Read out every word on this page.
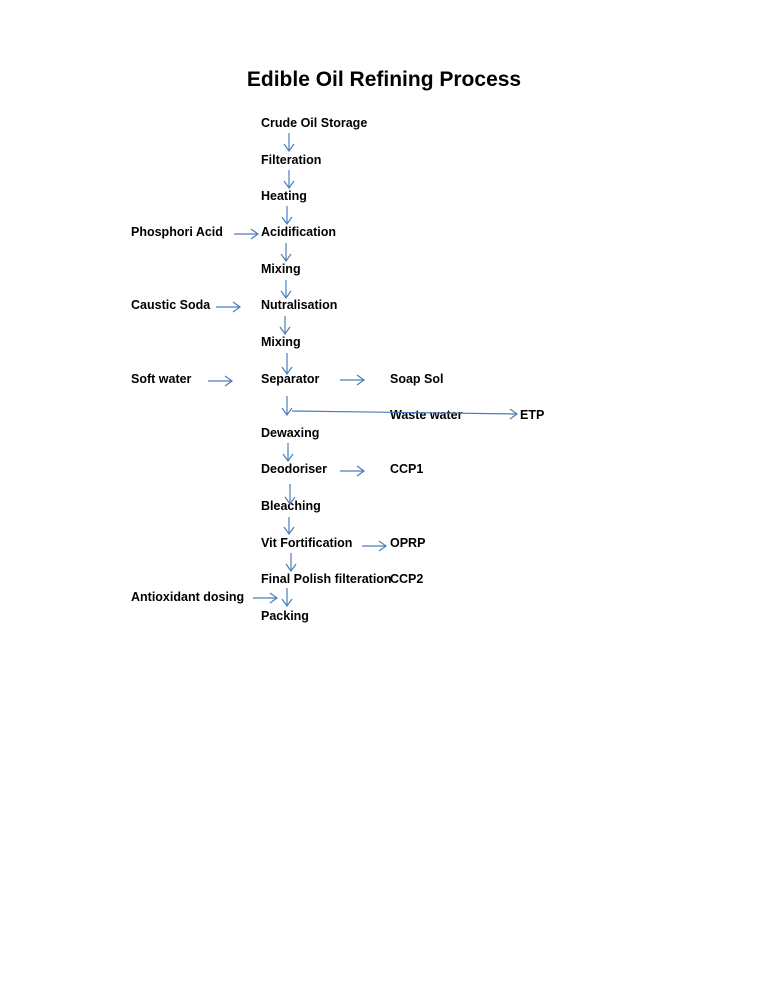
Edible Oil Refining Process
Crude Oil Storage
Filteration
Heating
Acidification
Mixing
Nutralisation
Mixing
Separator
Dewaxing
Deodoriser
Bleaching
Vit Fortification
Final Polish filteration
Packing
Phosphori Acid
Caustic Soda
Soft water
Antioxidant dosing
Soap Sol
Waste water	ETP
CCP1
OPRP
CCP2
